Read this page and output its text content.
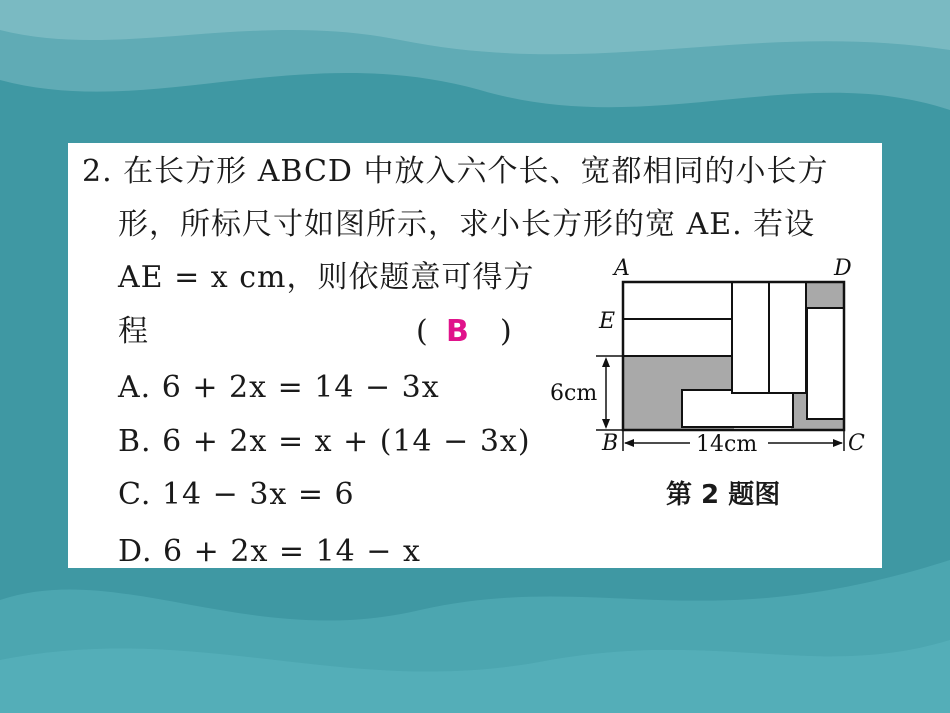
2. 在长方形 ABCD 中放入六个长、宽都相同的小长方
形，所标尺寸如图所示，求小长方形的宽 AE. 若设
AE = x cm，则依题意可得方
程	( B )
A. 6 + 2x = 14 − 3x
B. 6 + 2x = x + (14 − 3x)
C. 14 − 3x = 6
D. 6 + 2x = 14 − x
A	D
E
B	C
6cm
14cm
第 2 题图
